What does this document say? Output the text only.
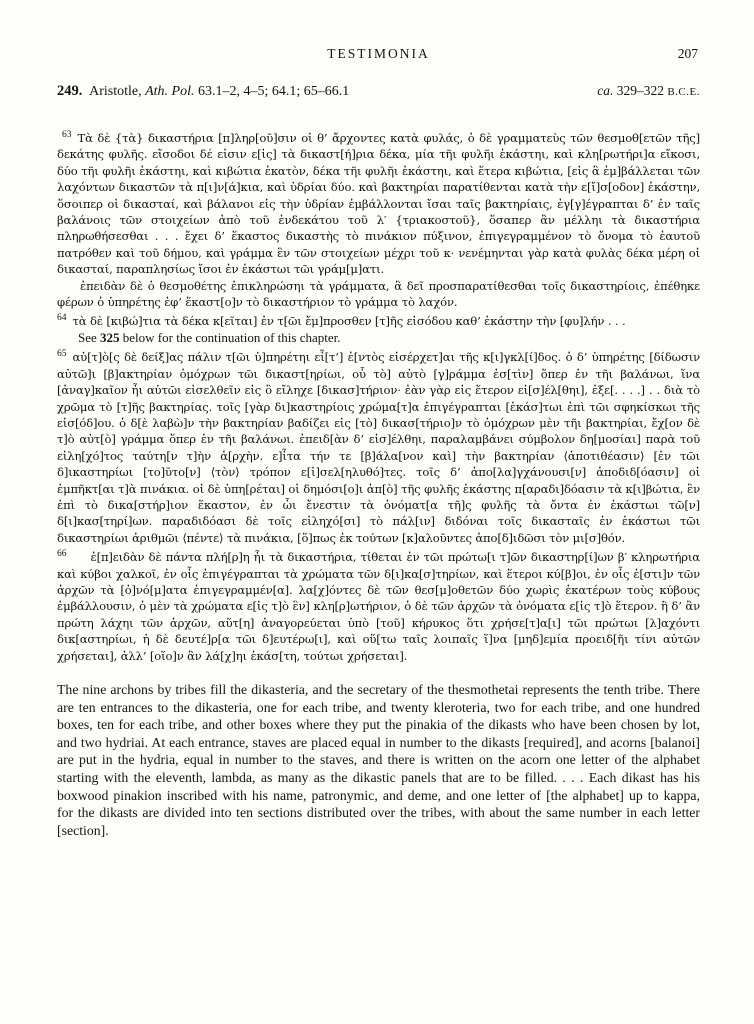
TESTIMONIA	207
249. Aristotle, Ath. Pol. 63.1–2, 4–5; 64.1; 65–66.1	ca. 329–322 B.C.E.

$^{63}$ Τὰ δὲ {τὰ} δικαστήρια [π]ληρ[οῦ]σιν οἱ θ’ ἄρχοντες κατὰ φυλάς, ὁ δὲ γραμματεὺς τῶν θεσμοθ[ετῶν τῆς] δεκάτης φυλῆς. εἴσοδοι δέ εἰσιν ε[ἰς] τὰ δικαστ[ή]ρια δέκα, μία τῆι φυλῆι ἑκάστηι, καὶ κλη[ρωτήρι]α εἴκοσι, δύο τῆι φυλῆι ἑκάστηι, καὶ κιβώτια ἑκατὸν, δέκα τῆι φυλῆι ἑκάστηι, καὶ ἕτερα κιβώτια, [εἰς ἃ ἐμ]βάλλεται τῶν λαχόντων δικαστῶν τὰ π[ι]ν[ά]κια, καὶ ὑδρίαι δύο. καὶ βακτηρίαι παρατίθενται κατὰ τὴν ε[ἴ]σ[οδον] ἑκάστην, ὅσοιπερ οἱ δικασταί, καὶ βάλανοι εἰς τὴν ὑδρίαν ἐμβάλλονται ἴσαι ταῖς βακτηρίαις, ἐγ[γ]έγραπται δ’ ἐν ταῖς βαλάνοις τῶν στοιχείων ἀπὸ τοῦ ἑνδεκάτου τοῦ λ′ {τριακοστοῦ}, ὅσαπερ ἂν μέλληι τὰ δικαστήρια πληρωθήσεσθαι . . . ἔχει δ’ ἕκαστος δικαστὴς τὸ πινάκιον πύξινον, ἐπιγεγραμμένον τὸ ὄνομα τὸ ἑαυτοῦ πατρόθεν καὶ τοῦ δήμου, καὶ γράμμα ἓν τῶν στοιχείων μέχρι τοῦ κ· νενέμηνται γὰρ κατὰ φυλὰς δέκα μέρη οἱ δικασταί, παραπλησίως ἴσοι ἐν ἑκάστωι τῶι γράμ[μ]ατι.

ἐπειδὰν δὲ ὁ θεσμοθέτης ἐπικληρώσηι τὰ γράμματα, ἃ δεῖ προσπαρατίθεσθαι τοῖς δικαστηρίοις, ἐπέθηκε φέρων ὁ ὑπηρέτης ἐφ’ ἕκαστ[ο]ν τὸ δικαστήριον τὸ γράμμα τὸ λαχόν.

$^{64}$ τὰ δὲ [κιβώ]τια τὰ δέκα κ[εῖται] ἐν τ[ῶι ἔμ]προσθεν [τ]ῆς εἰσόδου καθ’ ἑκάστην τὴν [φυ]λήν . . .

See 325 below for the continuation of this chapter.

$^{65}$ αὐ[τ]ὸ[ς δὲ δείξ]ας πάλιν τ[ῶι ὑ]πηρέτηι εἶ[τ’] ἐ[ντὸς εἰσέρχετ]αι τῆς κ[ι]γκλ[ί]δος. ὁ δ’ ὑπηρέτης [δίδωσιν αὐτῶ]ι [β]ακτηρίαν ὁμόχρων τῶι δικαστ[ηρίωι, οὗ τὸ] αὐτὸ [γ]ράμμα ἐσ[τὶν] ὅπερ ἐν τῆι βαλάνωι, ἵνα [ἀναγ]καῖον ἦι αὐτῶι εἰσελθεῖν εἰς ὃ εἴληχε [δικασ]τήριον· ἐὰν γὰρ εἰς ἕτερον εἰ[σ]έλ[θηι], ἐξε[. . . .] . . διὰ τὸ χρῶμα τὸ [τ]ῆς βακτηρίας. τοῖς [γὰρ δι]καστηρίοις χρώμα[τ]α ἐπιγέγραπται [ἑκάσ]τωι ἐπὶ τῶι σφηκίσκωι τῆς εἰσ[όδ]ου. ὁ δ[ὲ λαβὼ]ν τὴν βακτηρίαν βαδίζει εἰς [τὸ] δικασ[τήριο]ν τὸ ὁμόχρων μὲν τῆι βακτηρίαι, ἔχ[ον δὲ τ]ὸ αὐτ[ὸ] γράμμα ὅπερ ἐν τῆι βαλάνωι. ἐπειδ[ὰν δ’ εἰσ]έλθηι, παραλαμβάνει σύμβολον δη[μοσίαι] παρὰ τοῦ εἰλη[χό]τος ταύτη[ν τ]ὴν ἀ[ρχὴν. ε]ἶτα τήν τε [β]άλα[νον καὶ] τὴν βακτηρίαν ⟨ἀποτιθέασιν⟩ [ἐν τῶι δ]ικαστηρίωι [το]ῦτο[ν] ⟨τὸν⟩ τρόπον ε[ἰ]σελ[ηλυθό]τες. τοῖς δ’ ἀπο[λα]γχάνουσι[ν] ἀποδιδ[όασιν] οἱ ἐμπῆκτ[αι τ]ὰ πινάκια. οἱ δὲ ὑπη[ρέται] οἱ δημόσι[ο]ι ἀπ[ὸ] τῆς φυλῆς ἑκάστης π[αραδι]δόασιν τὰ κ[ι]βώτια, ἓν ἐπὶ τὸ δικα[στήρ]ιον ἕκαστον, ἐν ὧι ἔνεστιν τὰ ὀνόματ[α τῆ]ς φυλῆς τὰ ὄντα ἐν ἑκάστωι τῶ[ν] δ[ι]κασ[τηρί]ων. παραδιδόασι δὲ τοῖς εἰληχό[σι] τὸ πάλ[ιν] διδόναι τοῖς δικασταῖς ἐν ἑκάστωι τῶι δικαστηρίωι ἀριθμῶι ⟨πέντε⟩ τὰ πινάκια, [ὅ]πως ἐκ τούτων [κ]αλοῦντες ἀπο[δ]ιδῶσι τὸν μι[σ]θόν.

$^{66}$ ἐ[π]ειδὰν δὲ πάντα πλή[ρ]η ἦι τὰ δικαστήρια, τίθεται ἐν τῶι πρώτω[ι τ]ῶν δικαστηρ[ί]ων β′ κληρωτήρια καὶ κύβοι χαλκοῖ, ἐν οἷς ἐπιγέγραπται τὰ χρώματα τῶν δ[ι]κα[σ]τηρίων, καὶ ἕτεροι κύ[β]οι, ἐν οἷς ἐ[στι]ν τῶν ἀρχῶν τὰ [ὀ]νό[μ]ατα ἐπιγεγραμμέν[α]. λα[χ]όντες δὲ τῶν θεσ[μ]οθετῶν δύο χωρὶς ἑκατέρων τοὺς κύβους ἐμβάλλουσιν, ὁ μὲν τὰ χρώματα ε[ἰς τ]ὸ ἓν] κλη[ρ]ωτήριον, ὁ δὲ τῶν ἀρχῶν τὰ ὀνόματα ε[ἰς τ]ὸ ἕτερον. ἣ δ’ ἂν πρώτη λάχηι τῶν ἀρχῶν, αὕτ[η] ἀναγορεύεται ὑπὸ [τοῦ] κήρυκος ὅτι χρήσε[τ]α[ι] τῶι πρώτωι [λ]αχόντι δικ[αστηρίωι, ἡ δὲ δευτέ]ρ[α τῶι δ]ευτέρω[ι], καὶ οὕ[τω ταῖς λοιπαῖς ἵ]να [μηδ]εμία προειδ[ῆι τίνι αὐτῶν χρήσεται], ἀλλ’ [οἵο]ν ἂν λά[χ]ηι ἑκάσ[τη, τούτωι χρήσεται].

The nine archons by tribes fill the dikasteria, and the secretary of the thesmothetai represents the tenth tribe. There are ten entrances to the dikasteria, one for each tribe, and twenty kleroteria, two for each tribe, and one hundred boxes, ten for each tribe, and other boxes where they put the pinakia of the dikasts who have been chosen by lot, and two hydriai. At each entrance, staves are placed equal in number to the dikasts [required], and acorns [balanoi] are put in the hydria, equal in number to the staves, and there is written on the acorn one letter of the alphabet starting with the eleventh, lambda, as many as the dikastic panels that are to be filled. . . . Each dikast has his boxwood pinakion inscribed with his name, patronymic, and deme, and one letter of [the alphabet] up to kappa, for the dikasts are divided into ten sections distributed over the tribes, with about the same number in each letter [section].
